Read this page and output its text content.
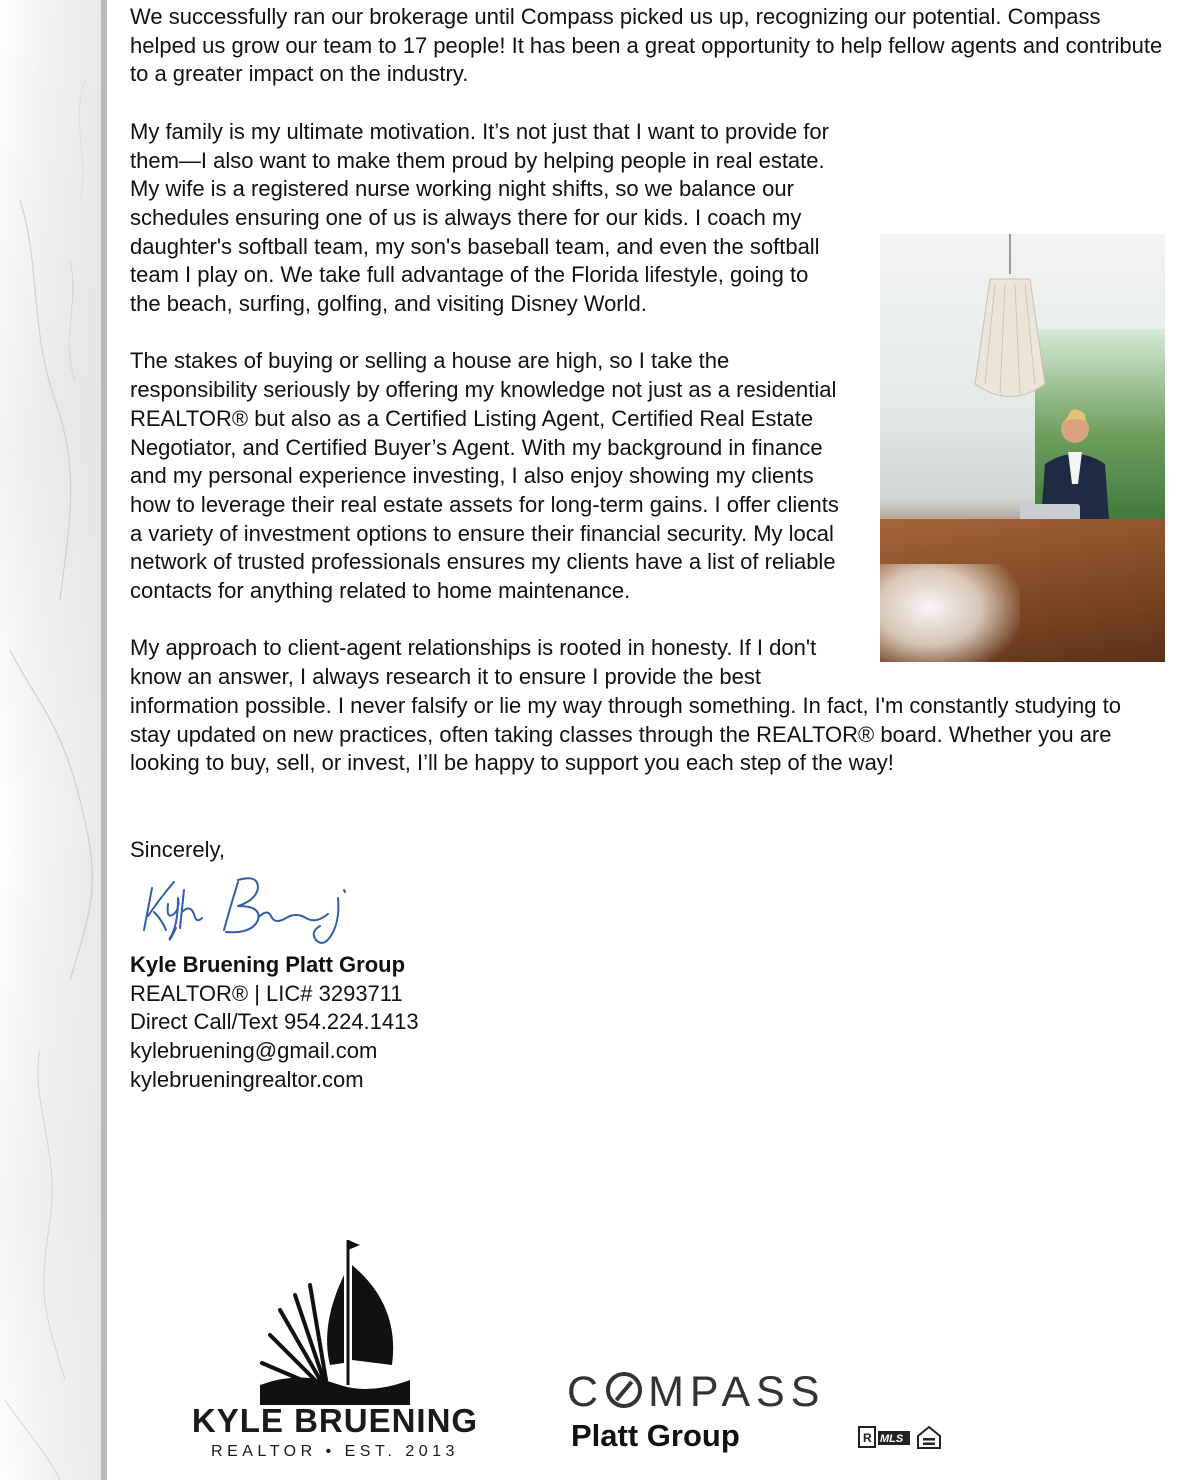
We successfully ran our brokerage until Compass picked us up, recognizing our potential. Compass helped us grow our team to 17 people! It has been a great opportunity to help fellow agents and contribute to a greater impact on the industry.

My family is my ultimate motivation. It’s not just that I want to provide for them—I also want to make them proud by helping people in real estate. My wife is a registered nurse working night shifts, so we balance our schedules ensuring one of us is always there for our kids. I coach my daughter's softball team, my son's baseball team, and even the softball team I play on. We take full advantage of the Florida lifestyle, going to the beach, surfing, golfing, and visiting Disney World.

The stakes of buying or selling a house are high, so I take the responsibility seriously by offering my knowledge not just as a residential REALTOR® but also as a Certified Listing Agent, Certified Real Estate Negotiator, and Certified Buyer’s Agent. With my background in finance and my personal experience investing, I also enjoy showing my clients how to leverage their real estate assets for long-term gains. I offer clients a variety of investment options to ensure their financial security. My local network of trusted professionals ensures my clients have a list of reliable contacts for anything related to home maintenance.

My approach to client-agent relationships is rooted in honesty. If I don't know an answer, I always research it to ensure I provide the best information possible. I never falsify or lie my way through something. In fact, I'm constantly studying to stay updated on new practices, often taking classes through the REALTOR® board. Whether you are looking to buy, sell, or invest, I’ll be happy to support you each step of the way!

Sincerely,
Kyle Bruening Platt Group
REALTOR® | LIC# 3293711
Direct Call/Text 954.224.1413
kylebruening@gmail.com
kylebrueningrealtor.com
KYLE BRUENING
REALTOR • EST. 2013
C MPASS
Platt Group	R MLS
